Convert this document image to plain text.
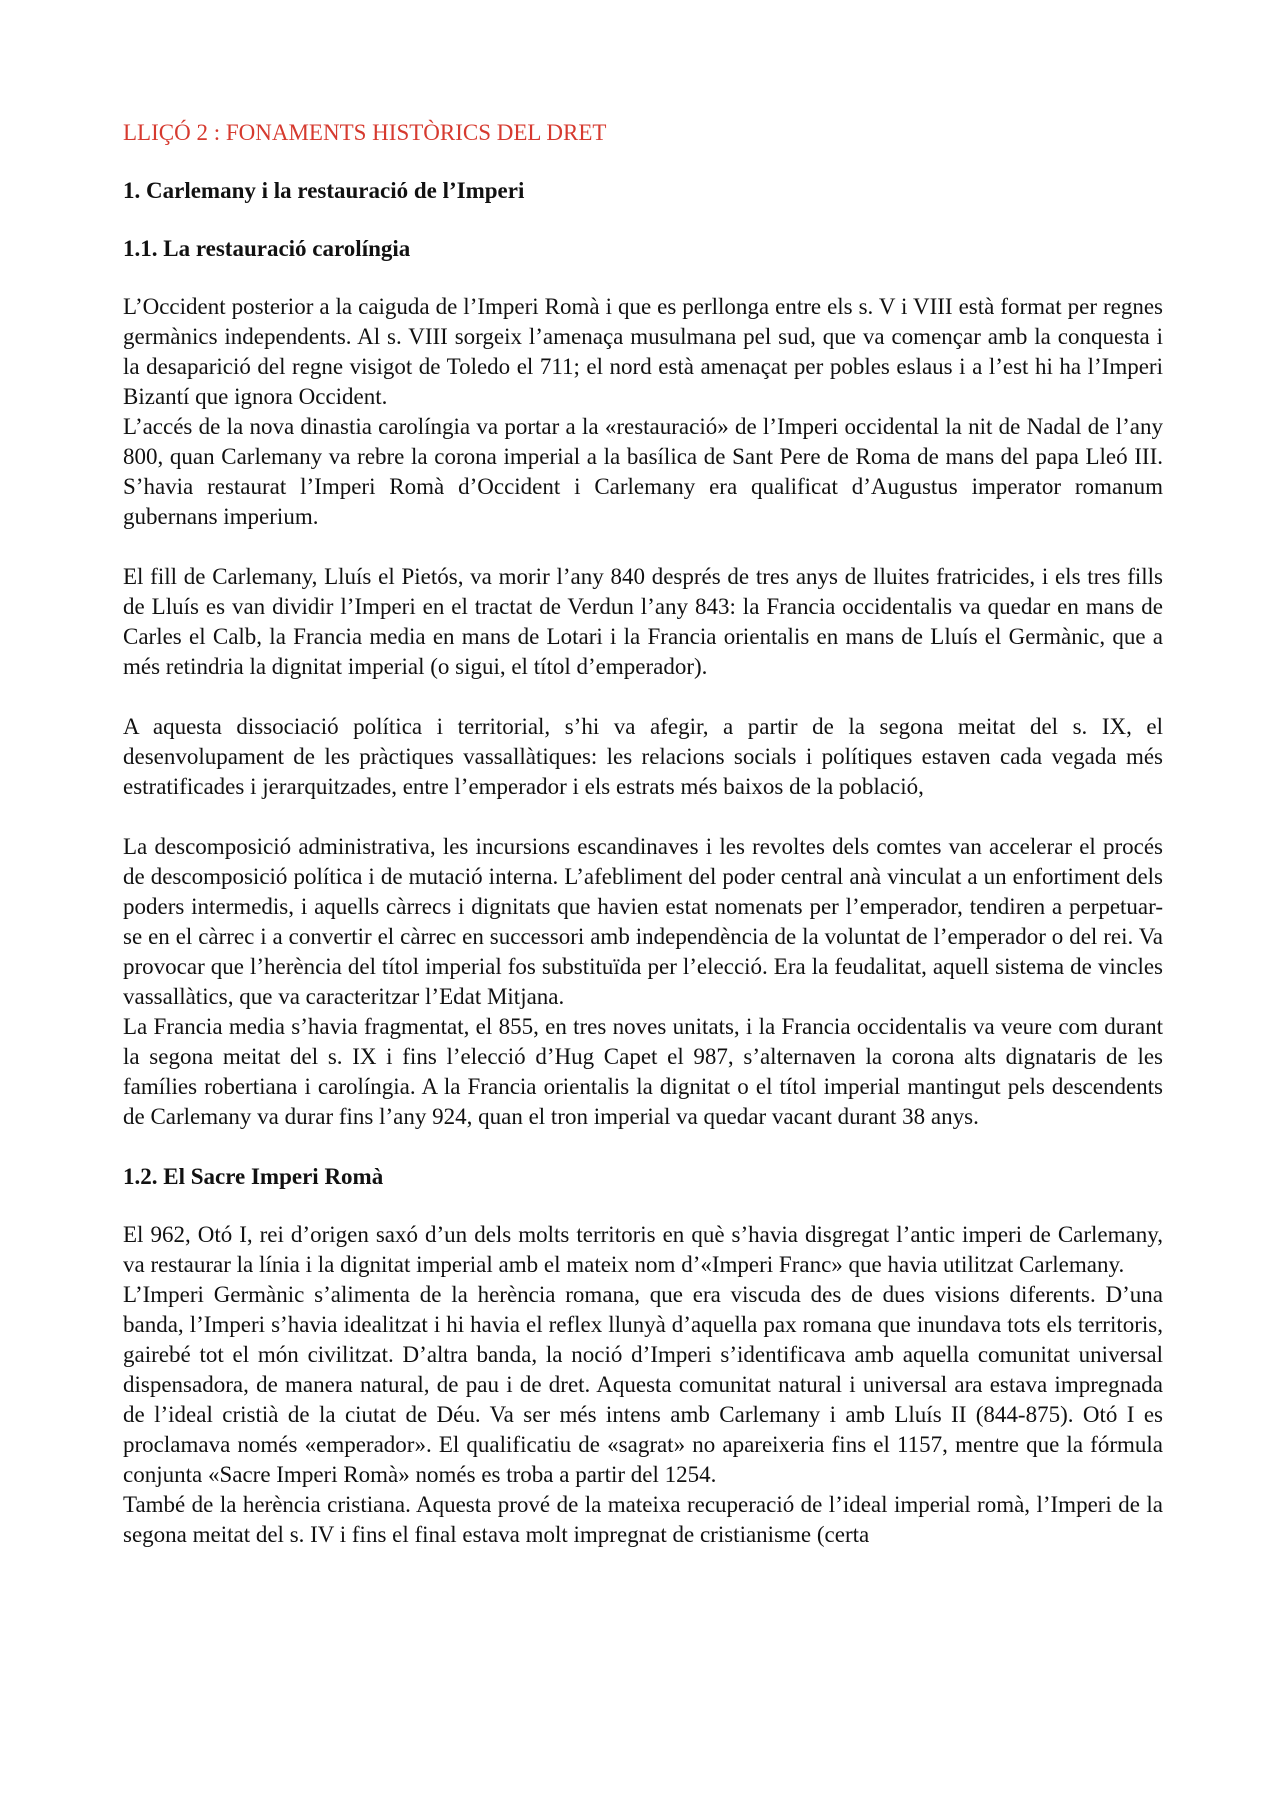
LLIÇÓ 2 : FONAMENTS HISTÒRICS DEL DRET

1. Carlemany i la restauració de l’Imperi

1.1. La restauració carolíngia

L’Occident posterior a la caiguda de l’Imperi Romà i que es perllonga entre els s. V i VIII està format per regnes germànics independents. Al s. VIII sorgeix l’amenaça musulmana pel sud, que va començar amb la conquesta i la desaparició del regne visigot de Toledo el 711; el nord està amenaçat per pobles eslaus i a l’est hi ha l’Imperi Bizantí que ignora Occident.

L’accés de la nova dinastia carolíngia va portar a la «restauració» de l’Imperi occidental la nit de Nadal de l’any 800, quan Carlemany va rebre la corona imperial a la basílica de Sant Pere de Roma de mans del papa Lleó III. S’havia restaurat l’Imperi Romà d’Occident i Carlemany era qualificat d’Augustus imperator romanum gubernans imperium.

El fill de Carlemany, Lluís el Pietós, va morir l’any 840 després de tres anys de lluites fratricides, i els tres fills de Lluís es van dividir l’Imperi en el tractat de Verdun l’any 843: la Francia occidentalis va quedar en mans de Carles el Calb, la Francia media en mans de Lotari i la Francia orientalis en mans de Lluís el Germànic, que a més retindria la dignitat imperial (o sigui, el títol d’emperador).

A aquesta dissociació política i territorial, s’hi va afegir, a partir de la segona meitat del s. IX, el desenvolupament de les pràctiques vassallàtiques: les relacions socials i polítiques estaven cada vegada més estratificades i jerarquitzades, entre l’emperador i els estrats més baixos de la població,

La descomposició administrativa, les incursions escandinaves i les revoltes dels comtes van accelerar el procés de descomposició política i de mutació interna. L’afebliment del poder central anà vinculat a un enfortiment dels poders intermedis, i aquells càrrecs i dignitats que havien estat nomenats per l’emperador, tendiren a perpetuar-se en el càrrec i a convertir el càrrec en successori amb independència de la voluntat de l’emperador o del rei. Va provocar que l’herència del títol imperial fos substituïda per l’elecció. Era la feudalitat, aquell sistema de vincles vassallàtics, que va caracteritzar l’Edat Mitjana.

La Francia media s’havia fragmentat, el 855, en tres noves unitats, i la Francia occidentalis va veure com durant la segona meitat del s. IX i fins l’elecció d’Hug Capet el 987, s’alternaven la corona alts dignataris de les famílies robertiana i carolíngia. A la Francia orientalis la dignitat o el títol imperial mantingut pels descendents de Carlemany va durar fins l’any 924, quan el tron imperial va quedar vacant durant 38 anys.

1.2. El Sacre Imperi Romà

El 962, Otó I, rei d’origen saxó d’un dels molts territoris en què s’havia disgregat l’antic imperi de Carlemany, va restaurar la línia i la dignitat imperial amb el mateix nom d’«Imperi Franc» que havia utilitzat Carlemany.

L’Imperi Germànic s’alimenta de la herència romana, que era viscuda des de dues visions diferents. D’una banda, l’Imperi s’havia idealitzat i hi havia el reflex llunyà d’aquella pax romana que inundava tots els territoris, gairebé tot el món civilitzat. D’altra banda, la noció d’Imperi s’identificava amb aquella comunitat universal dispensadora, de manera natural, de pau i de dret. Aquesta comunitat natural i universal ara estava impregnada de l’ideal cristià de la ciutat de Déu. Va ser més intens amb Carlemany i amb Lluís II (844-875). Otó I es proclamava només «emperador». El qualificatiu de «sagrat» no apareixeria fins el 1157, mentre que la fórmula conjunta «Sacre Imperi Romà» només es troba a partir del 1254.

També de la herència cristiana. Aquesta prové de la mateixa recuperació de l’ideal imperial romà, l’Imperi de la segona meitat del s. IV i fins el final estava molt impregnat de cristianisme (certa
